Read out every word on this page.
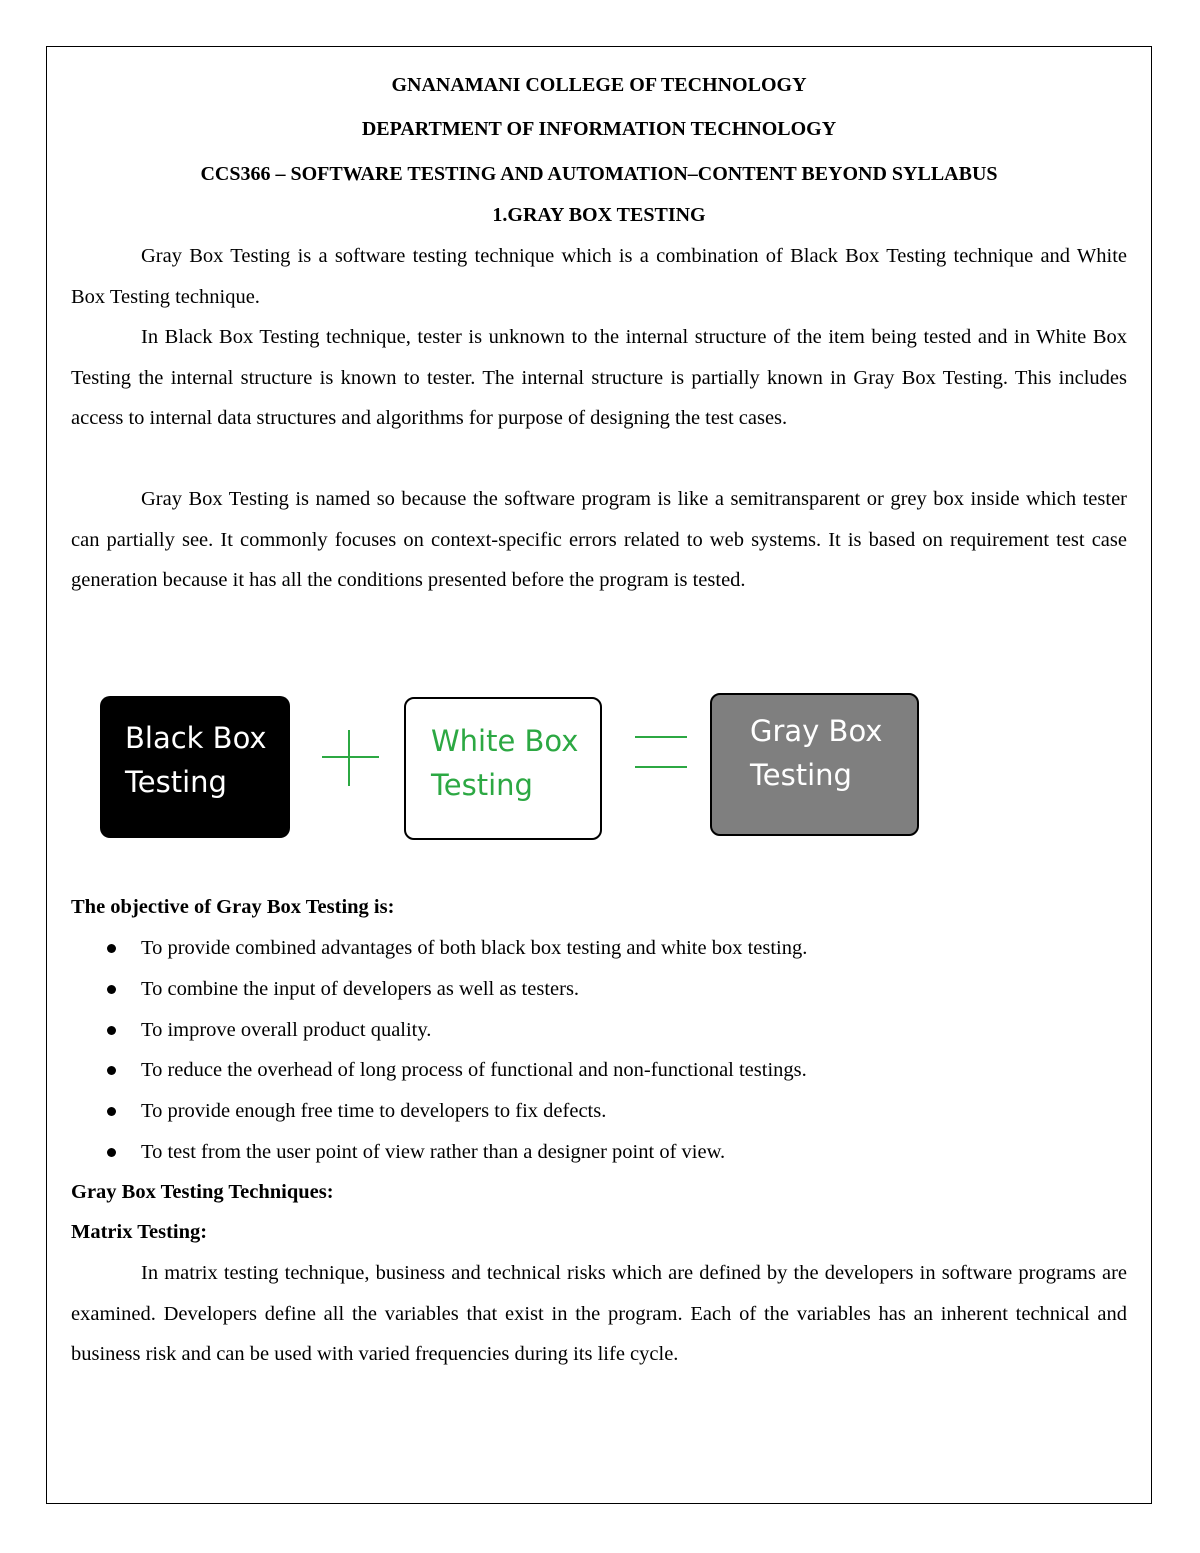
GNANAMANI COLLEGE OF TECHNOLOGY
DEPARTMENT OF INFORMATION TECHNOLOGY
CCS366 – SOFTWARE TESTING AND AUTOMATION–CONTENT BEYOND SYLLABUS
1.GRAY BOX TESTING

Gray Box Testing is a software testing technique which is a combination of Black Box Testing technique and White Box Testing technique.

In Black Box Testing technique, tester is unknown to the internal structure of the item being tested and in White Box Testing the internal structure is known to tester. The internal structure is partially known in Gray Box Testing. This includes access to internal data structures and algorithms for purpose of designing the test cases.

Gray Box Testing is named so because the software program is like a semitransparent or grey box inside which tester can partially see. It commonly focuses on context-specific errors related to web systems. It is based on requirement test case generation because it has all the conditions presented before the program is tested.

Black Box
Testing
White Box
Testing
Gray Box
Testing
The objective of Gray Box Testing is:
To provide combined advantages of both black box testing and white box testing.
To combine the input of developers as well as testers.
To improve overall product quality.
To reduce the overhead of long process of functional and non-functional testings.
To provide enough free time to developers to fix defects.
To test from the user point of view rather than a designer point of view.
Gray Box Testing Techniques:
Matrix Testing:

In matrix testing technique, business and technical risks which are defined by the developers in software programs are examined. Developers define all the variables that exist in the program. Each of the variables has an inherent technical and business risk and can be used with varied frequencies during its life cycle.
